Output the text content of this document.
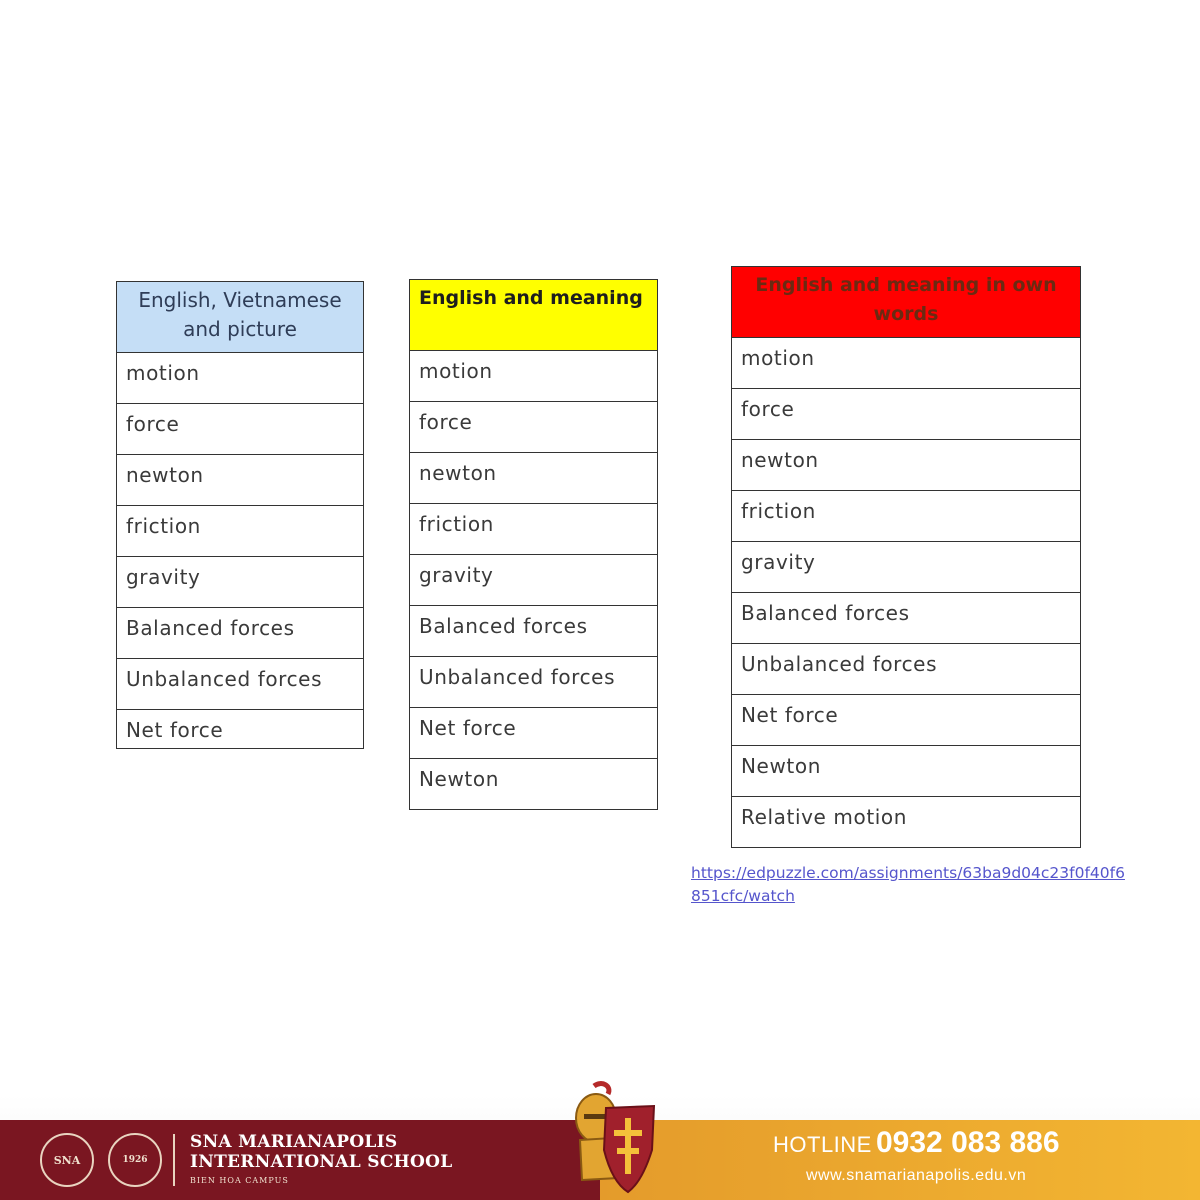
English, Vietnamese and picture
motion
force
newton
friction
gravity
Balanced forces
Unbalanced forces
Net force
English and meaning
motion
force
newton
friction
gravity
Balanced forces
Unbalanced forces
Net force
Newton
English and meaning in own words
motion
force
newton
friction
gravity
Balanced forces
Unbalanced forces
Net force
Newton
Relative motion
https://edpuzzle.com/assignments/63ba9d04c23f0f40f6851cfc/watch
SNA	1926
SNA MARIANAPOLIS
INTERNATIONAL SCHOOL
BIEN HOA CAMPUS
HOTLINE 0932 083 886
www.snamarianapolis.edu.vn
